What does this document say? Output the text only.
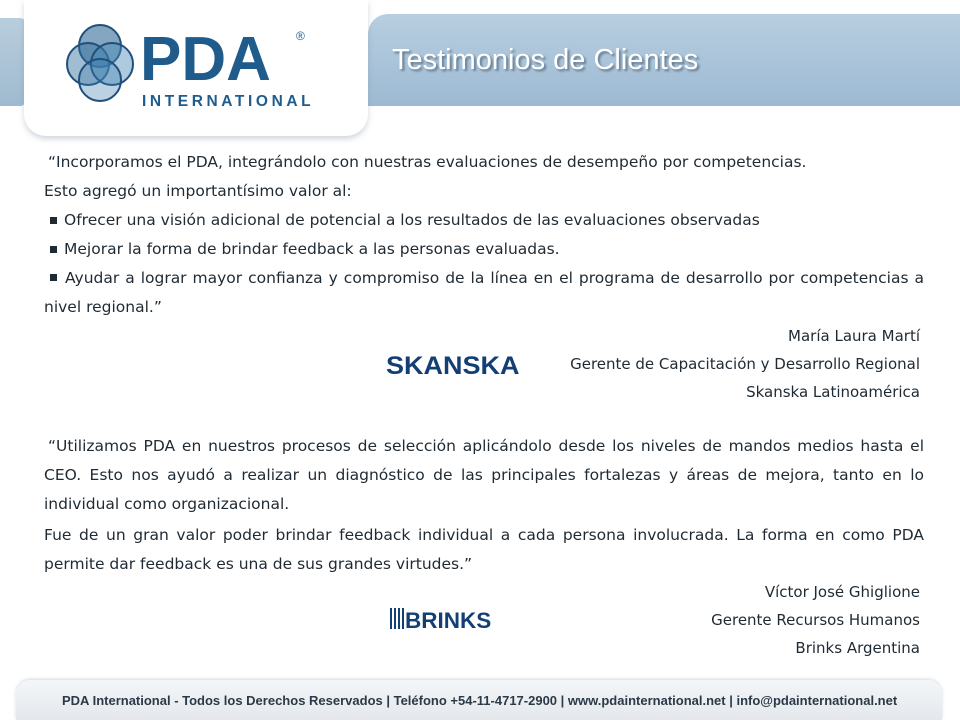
Testimonios de Clientes
PDA ®
INTERNATIONAL

“Incorporamos el PDA, integrándolo con nuestras evaluaciones de desempeño por competencias.

Esto agregó un importantísimo valor al:

Ofrecer una visión adicional de potencial a los resultados de las evaluaciones observadas
Mejorar la forma de brindar feedback a las personas evaluadas.

Ayudar a lograr mayor confianza y compromiso de la línea en el programa de desarrollo por competencias a nivel regional.”

María Laura Martí
Gerente de Capacitación y Desarrollo Regional
Skanska Latinoamérica
SKANSKA

“Utilizamos PDA en nuestros procesos de selección aplicándolo desde los niveles de mandos medios hasta el CEO. Esto nos ayudó a realizar un diagnóstico de las principales fortalezas y áreas de mejora, tanto en lo individual como organizacional.

Fue de un gran valor poder brindar feedback individual a cada persona involucrada. La forma en como PDA permite dar feedback es una de sus grandes virtudes.”

Víctor José Ghiglione
Gerente Recursos Humanos
Brinks Argentina
BRINKS
PDA International - Todos los Derechos Reservados | Teléfono +54-11-4717-2900 | www.pdainternational.net | info@pdainternational.net
